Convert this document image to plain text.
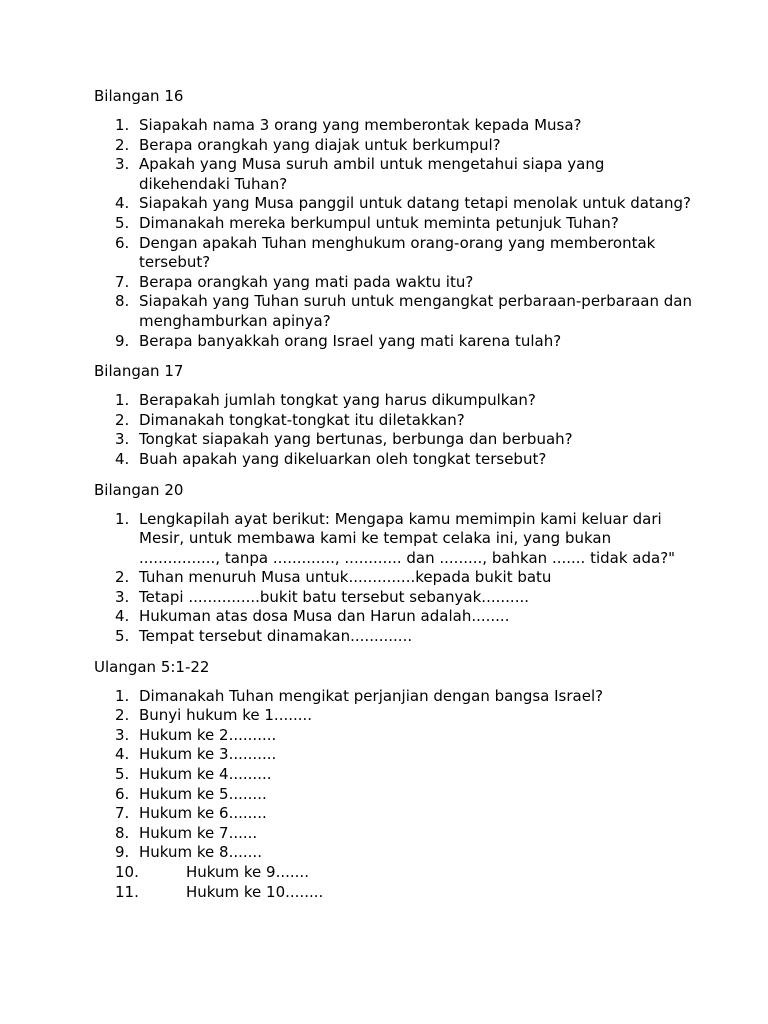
Bilangan 16
1. Siapakah nama 3 orang yang memberontak kepada Musa?
2. Berapa orangkah yang diajak untuk berkumpul?
3. Apakah yang Musa suruh ambil untuk mengetahui siapa yang dikehendaki Tuhan?
4. Siapakah yang Musa panggil untuk datang tetapi menolak untuk datang?
5. Dimanakah mereka berkumpul untuk meminta petunjuk Tuhan?
6. Dengan apakah Tuhan menghukum orang-orang yang memberontak tersebut?
7. Berapa orangkah yang mati pada waktu itu?
8. Siapakah yang Tuhan suruh untuk mengangkat perbaraan-perbaraan dan menghamburkan apinya?
9. Berapa banyakkah orang Israel yang mati karena tulah?
Bilangan 17
1. Berapakah jumlah tongkat yang harus dikumpulkan?
2. Dimanakah tongkat-tongkat itu diletakkan?
3. Tongkat siapakah yang bertunas, berbunga dan berbuah?
4. Buah apakah yang dikeluarkan oleh tongkat tersebut?
Bilangan 20
1. Lengkapilah ayat berikut: Mengapa kamu memimpin kami keluar dari Mesir, untuk membawa kami ke tempat celaka ini, yang bukan ................, tanpa ............., ............ dan ........., bahkan ....... tidak ada?"
2. Tuhan menuruh Musa untuk..............kepada bukit batu
3. Tetapi ...............bukit batu tersebut sebanyak..........
4. Hukuman atas dosa Musa dan Harun adalah........
5. Tempat tersebut dinamakan.............
Ulangan 5:1-22
1. Dimanakah Tuhan mengikat perjanjian dengan bangsa Israel?
2. Bunyi hukum ke 1........
3. Hukum ke 2..........
4. Hukum ke 3..........
5. Hukum ke 4.........
6. Hukum ke 5........
7. Hukum ke 6........
8. Hukum ke 7......
9. Hukum ke 8.......
10.	Hukum ke 9.......
11.	Hukum ke 10........
